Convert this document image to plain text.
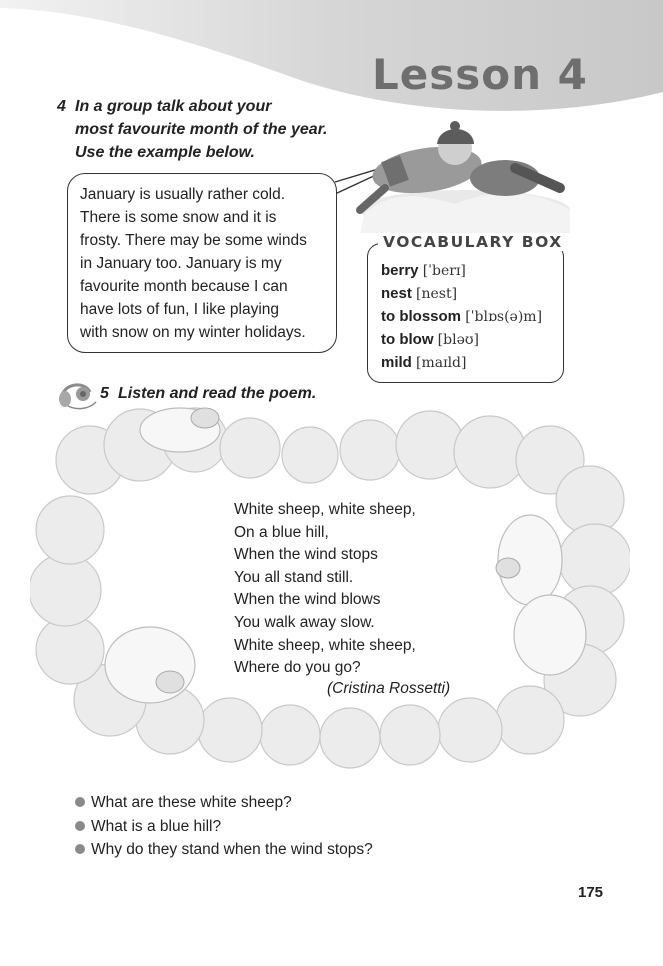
Lesson 4
4 In a group talk about your
most favourite month of the year.
Use the example below.
January is usually rather cold.
There is some snow and it is
frosty. There may be some winds
in January too. January is my
favourite month because I can
have lots of fun, I like playing
with snow on my winter holidays.
VOCABULARY BOX
berry [ˈberɪ]
nest [nest]
to blossom [ˈblɒs(ə)m]
to blow [bləʊ]
mild [maɪld]
5 Listen and read the poem.
White sheep, white sheep,
On a blue hill,
When the wind stops
You all stand still.
When the wind blows
You walk away slow.
White sheep, white sheep,
Where do you go?
(Cristina Rossetti)
What are these white sheep?
What is a blue hill?
Why do they stand when the wind stops?
175
